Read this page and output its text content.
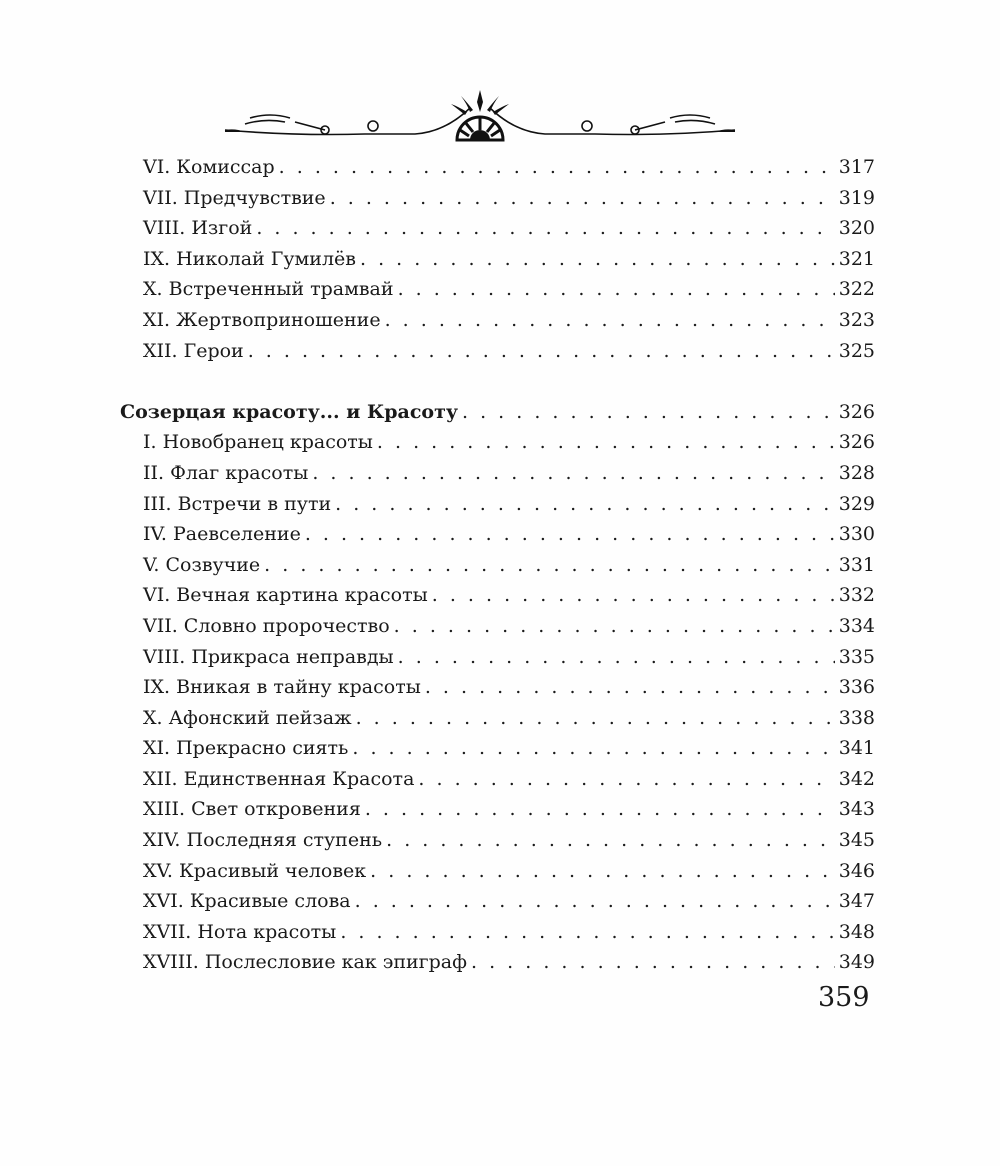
VI. Комиссар . . .	317
VII. Предчувствие . . .	319
VIII. Изгой . . .	320
IX. Николай Гумилёв . . .	321
X. Встреченный трамвай . . .	322
XI. Жертвоприношение . . .	323
XII. Герои . . .	325
Созерцая красоту... и Красоту . . .	326
I. Новобранец красоты . . .	326
II. Флаг красоты . . .	328
III. Встречи в пути . . .	329
IV. Раевселение . . .	330
V. Созвучие . . .	331
VI. Вечная картина красоты . . .	332
VII. Словно пророчество . . .	334
VIII. Прикраса неправды . . .	335
IX. Вникая в тайну красоты . . .	336
X. Афонский пейзаж . . .	338
XI. Прекрасно сиять . . .	341
XII. Единственная Красота . . .	342
XIII. Свет откровения . . .	343
XIV. Последняя ступень . . .	345
XV. Красивый человек . . .	346
XVI. Красивые слова . . .	347
XVII. Нота красоты . . .	348
XVIII. Послесловие как эпиграф . . .	349
359
